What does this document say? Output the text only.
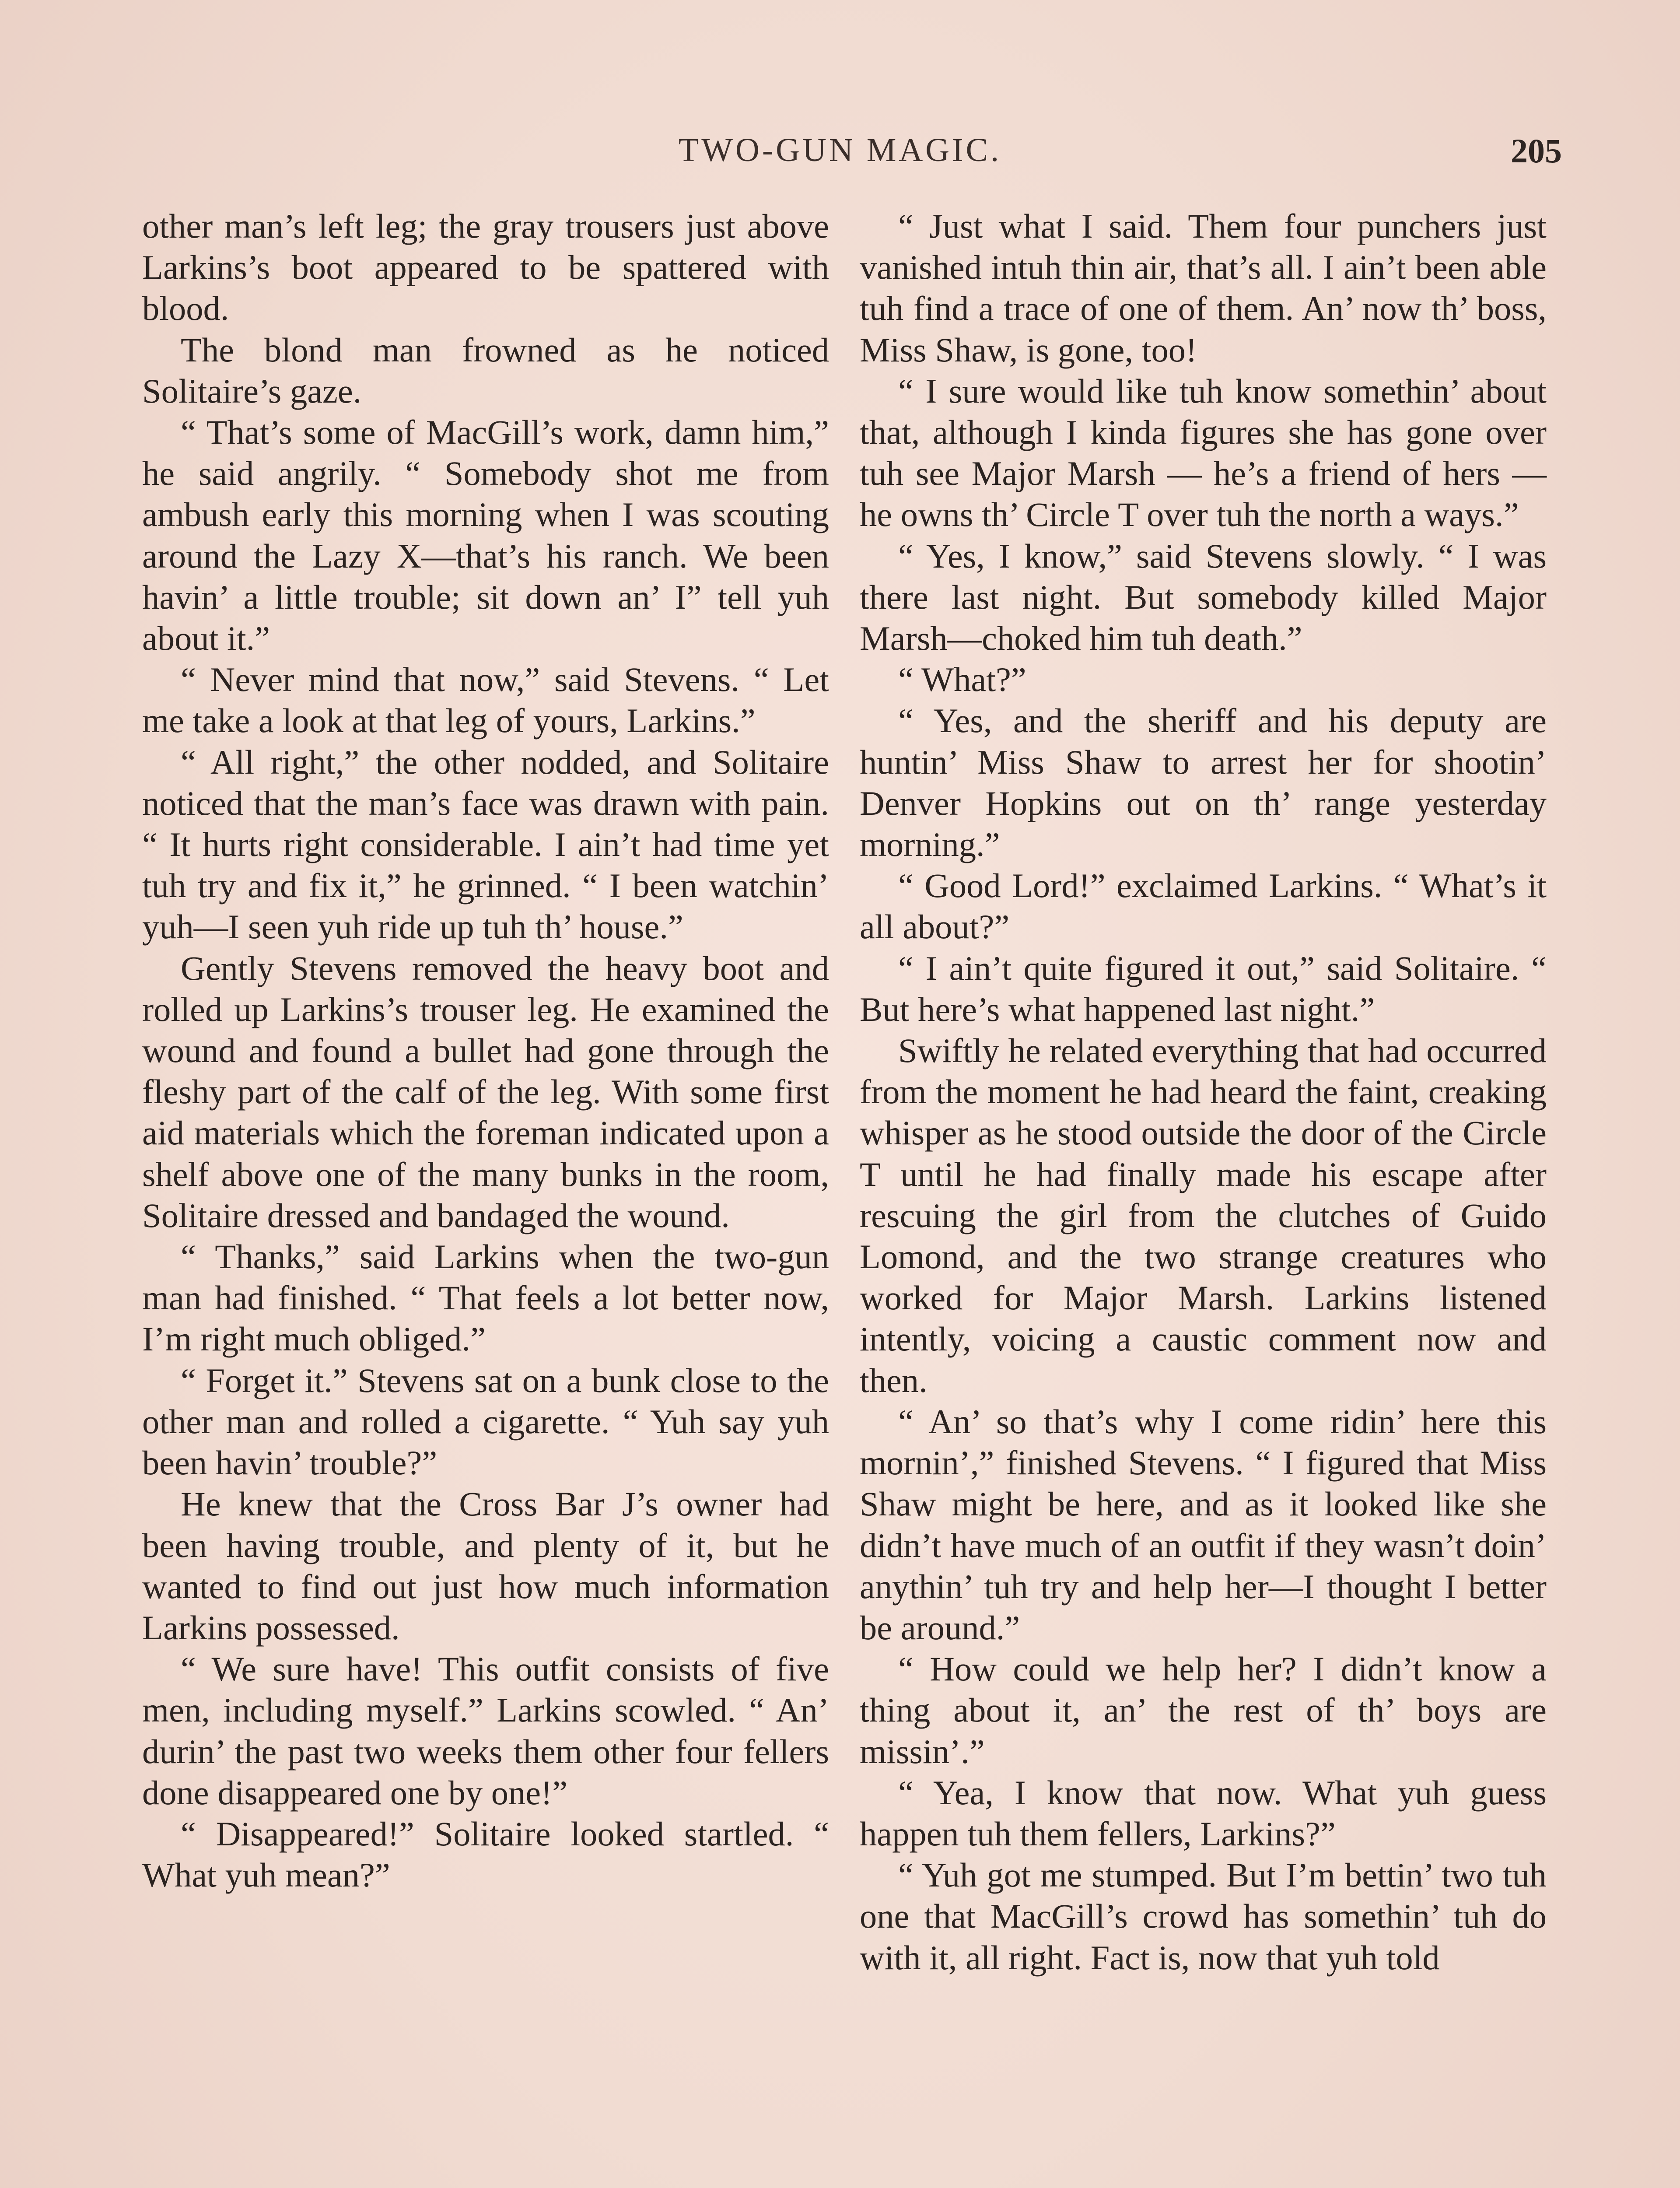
TWO-GUN MAGIC.	205

other man’s left leg; the gray trousers just above Larkins’s boot appeared to be spattered with blood.

The blond man frowned as he noticed Solitaire’s gaze.

“ That’s some of MacGill’s work, damn him,” he said angrily. “ Somebody shot me from ambush early this morning when I was scouting around the Lazy X—that’s his ranch. We been havin’ a little trouble; sit down an’ I” tell yuh about it.”

“ Never mind that now,” said Stevens. “ Let me take a look at that leg of yours, Larkins.”

“ All right,” the other nodded, and Solitaire noticed that the man’s face was drawn with pain. “ It hurts right considerable. I ain’t had time yet tuh try and fix it,” he grinned. “ I been watchin’ yuh—I seen yuh ride up tuh th’ house.”

Gently Stevens removed the heavy boot and rolled up Larkins’s trouser leg. He examined the wound and found a bullet had gone through the fleshy part of the calf of the leg. With some first aid materials which the foreman indicated upon a shelf above one of the many bunks in the room, Solitaire dressed and bandaged the wound.

“ Thanks,” said Larkins when the two-gun man had finished. “ That feels a lot better now, I’m right much obliged.”

“ Forget it.” Stevens sat on a bunk close to the other man and rolled a cigarette. “ Yuh say yuh been havin’ trouble?”

He knew that the Cross Bar J’s owner had been having trouble, and plenty of it, but he wanted to find out just how much information Larkins possessed.

“ We sure have! This outfit consists of five men, including myself.” Larkins scowled. “ An’ durin’ the past two weeks them other four fellers done disappeared one by one!”

“ Disappeared!” Solitaire looked startled. “ What yuh mean?”

“ Just what I said. Them four punchers just vanished intuh thin air, that’s all. I ain’t been able tuh find a trace of one of them. An’ now th’ boss, Miss Shaw, is gone, too!

“ I sure would like tuh know somethin’ about that, although I kinda figures she has gone over tuh see Major Marsh — he’s a friend of hers — he owns th’ Circle T over tuh the north a ways.”

“ Yes, I know,” said Stevens slowly. “ I was there last night. But somebody killed Major Marsh—choked him tuh death.”

“ What?”

“ Yes, and the sheriff and his deputy are huntin’ Miss Shaw to arrest her for shootin’ Denver Hopkins out on th’ range yesterday morning.”

“ Good Lord!” exclaimed Larkins. “ What’s it all about?”

“ I ain’t quite figured it out,” said Solitaire. “ But here’s what happened last night.”

Swiftly he related everything that had occurred from the moment he had heard the faint, creaking whisper as he stood outside the door of the Circle T until he had finally made his escape after rescuing the girl from the clutches of Guido Lomond, and the two strange creatures who worked for Major Marsh. Larkins listened intently, voicing a caustic comment now and then.

“ An’ so that’s why I come ridin’ here this mornin’,” finished Stevens. “ I figured that Miss Shaw might be here, and as it looked like she didn’t have much of an outfit if they wasn’t doin’ anythin’ tuh try and help her—I thought I better be around.”

“ How could we help her? I didn’t know a thing about it, an’ the rest of th’ boys are missin’.”

“ Yea, I know that now. What yuh guess happen tuh them fellers, Larkins?”

“ Yuh got me stumped. But I’m bettin’ two tuh one that MacGill’s crowd has somethin’ tuh do with it, all right. Fact is, now that yuh told
